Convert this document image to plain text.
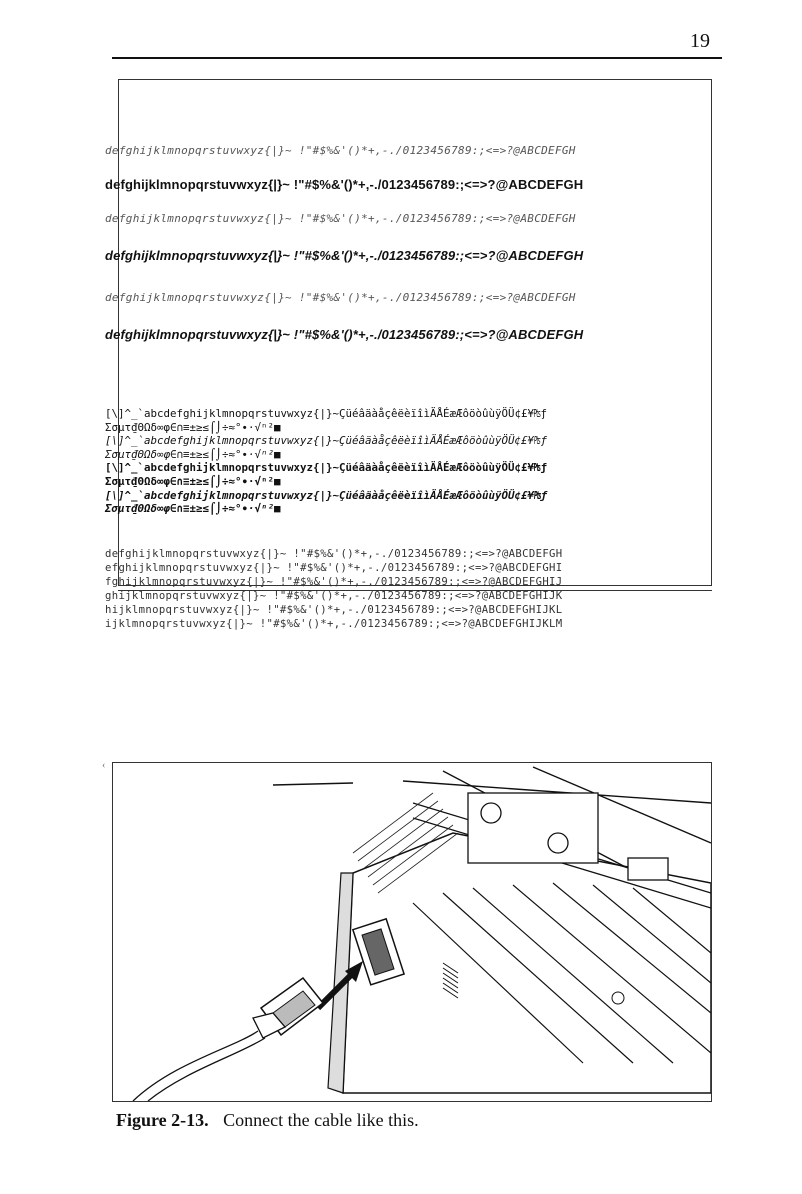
19
defghijklmnopqrstuvwxyz{|}~ !"#$%&'()*+,-./0123456789:;<=>?@ABCDEFGH
defghijklmnopqrstuvwxyz{|}~ !"#$%&'()*+,-./0123456789:;<=>?@ABCDEFGH
defghijklmnopqrstuvwxyz{|}~ !"#$%&'()*+,-./0123456789:;<=>?@ABCDEFGH
defghijklmnopqrstuvwxyz{|}~ !"#$%&'()*+,-./0123456789:;<=>?@ABCDEFGH
defghijklmnopqrstuvwxyz{|}~ !"#$%&'()*+,-./0123456789:;<=>?@ABCDEFGH
defghijklmnopqrstuvwxyz{|}~ !"#$%&'()*+,-./0123456789:;<=>?@ABCDEFGH
[\]^_`abcdefghijklmnopqrstuvwxyz{|}~ÇüéâäàåçêëèïîìÄÅÉæÆôöòûùÿÖÜ¢£¥₧ƒ
Σσµτ₫ΘΩδ∞φ∈∩≡±≥≤⌠⌡÷≈°∙·√ⁿ²■
[\]^_`abcdefghijklmnopqrstuvwxyz{|}~ÇüéâäàåçêëèïîìÄÅÉæÆôöòûùÿÖÜ¢£¥₧ƒ
Σσµτ₫ΘΩδ∞φ∈∩≡±≥≤⌠⌡÷≈°∙·√ⁿ²■
[\]^_`abcdefghijklmnopqrstuvwxyz{|}~ÇüéâäàåçêëèïîìÄÅÉæÆôöòûùÿÖÜ¢£¥₧ƒ
Σσµτ₫ΘΩδ∞φ∈∩≡±≥≤⌠⌡÷≈°∙·√ⁿ²■
[\]^_`abcdefghijklmnopqrstuvwxyz{|}~ÇüéâäàåçêëèïîìÄÅÉæÆôöòûùÿÖÜ¢£¥₧ƒ
Σσµτ₫ΘΩδ∞φ∈∩≡±≥≤⌠⌡÷≈°∙·√ⁿ²■
defghijklmnopqrstuvwxyz{|}~ !"#$%&'()*+,-./0123456789:;<=>?@ABCDEFGH
efghijklmnopqrstuvwxyz{|}~ !"#$%&'()*+,-./0123456789:;<=>?@ABCDEFGHI
fghijklmnopqrstuvwxyz{|}~ !"#$%&'()*+,-./0123456789:;<=>?@ABCDEFGHIJ
ghijklmnopqrstuvwxyz{|}~ !"#$%&'()*+,-./0123456789:;<=>?@ABCDEFGHIJK
hijklmnopqrstuvwxyz{|}~ !"#$%&'()*+,-./0123456789:;<=>?@ABCDEFGHIJKL
ijklmnopqrstuvwxyz{|}~ !"#$%&'()*+,-./0123456789:;<=>?@ABCDEFGHIJKLM
‹
Figure 2-13. Connect the cable like this.
